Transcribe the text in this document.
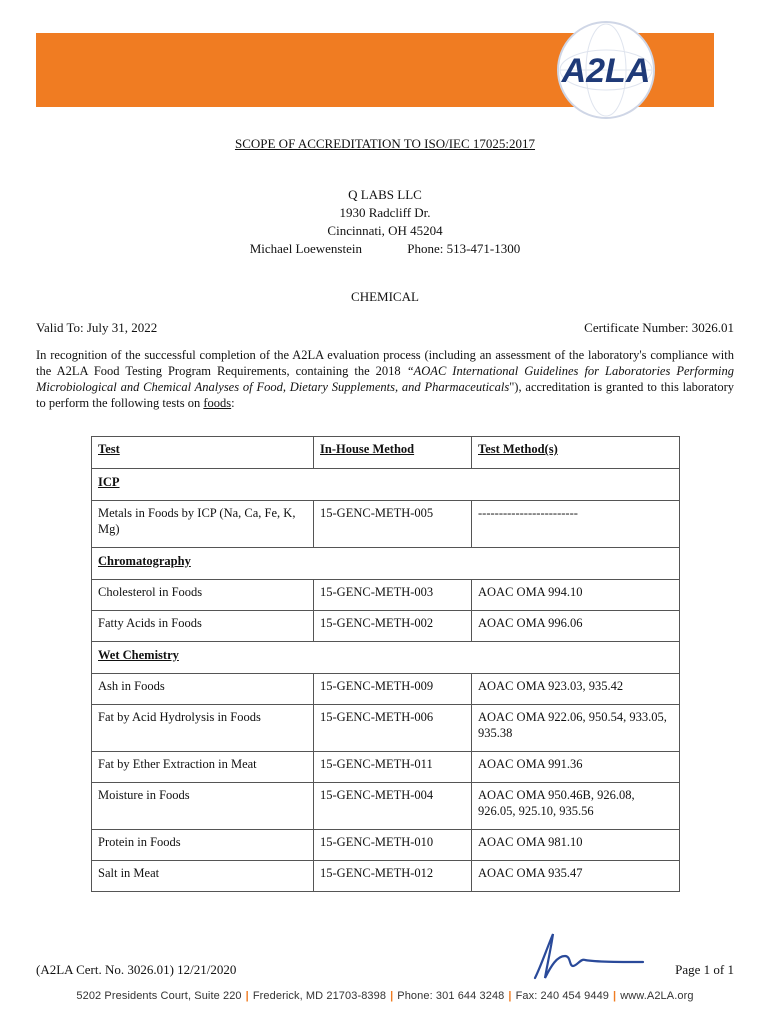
A2LA
SCOPE OF ACCREDITATION TO ISO/IEC 17025:2017
Q LABS LLC
1930 Radcliff Dr.
Cincinnati, OH 45204
Michael Loewenstein	Phone: 513-471-1300
CHEMICAL
Valid To: July 31, 2022	Certificate Number: 3026.01
In recognition of the successful completion of the A2LA evaluation process (including an assessment of the laboratory's compliance with the A2LA Food Testing Program Requirements, containing the 2018 “AOAC International Guidelines for Laboratories Performing Microbiological and Chemical Analyses of Food, Dietary Supplements, and Pharmaceuticals"), accreditation is granted to this laboratory to perform the following tests on foods:
Test	In-House Method	Test Method(s)
ICP		
Metals in Foods by ICP (Na, Ca, Fe, K, Mg)	15-GENC-METH-005	------------------------
Chromatography		
Cholesterol in Foods	15-GENC-METH-003	AOAC OMA 994.10
Fatty Acids in Foods	15-GENC-METH-002	AOAC OMA 996.06
Wet Chemistry		
Ash in Foods	15-GENC-METH-009	AOAC OMA 923.03, 935.42
Fat by Acid Hydrolysis in Foods	15-GENC-METH-006	AOAC OMA 922.06, 950.54, 933.05, 935.38
Fat by Ether Extraction in Meat	15-GENC-METH-011	AOAC OMA 991.36
Moisture in Foods	15-GENC-METH-004	AOAC OMA 950.46B, 926.08, 926.05, 925.10, 935.56
Protein in Foods	15-GENC-METH-010	AOAC OMA 981.10
Salt in Meat	15-GENC-METH-012	AOAC OMA 935.47
(A2LA Cert. No. 3026.01) 12/21/2020	Page 1 of 1
5202 Presidents Court, Suite 220 | Frederick, MD 21703-8398 | Phone: 301 644 3248 | Fax: 240 454 9449 | www.A2LA.org
